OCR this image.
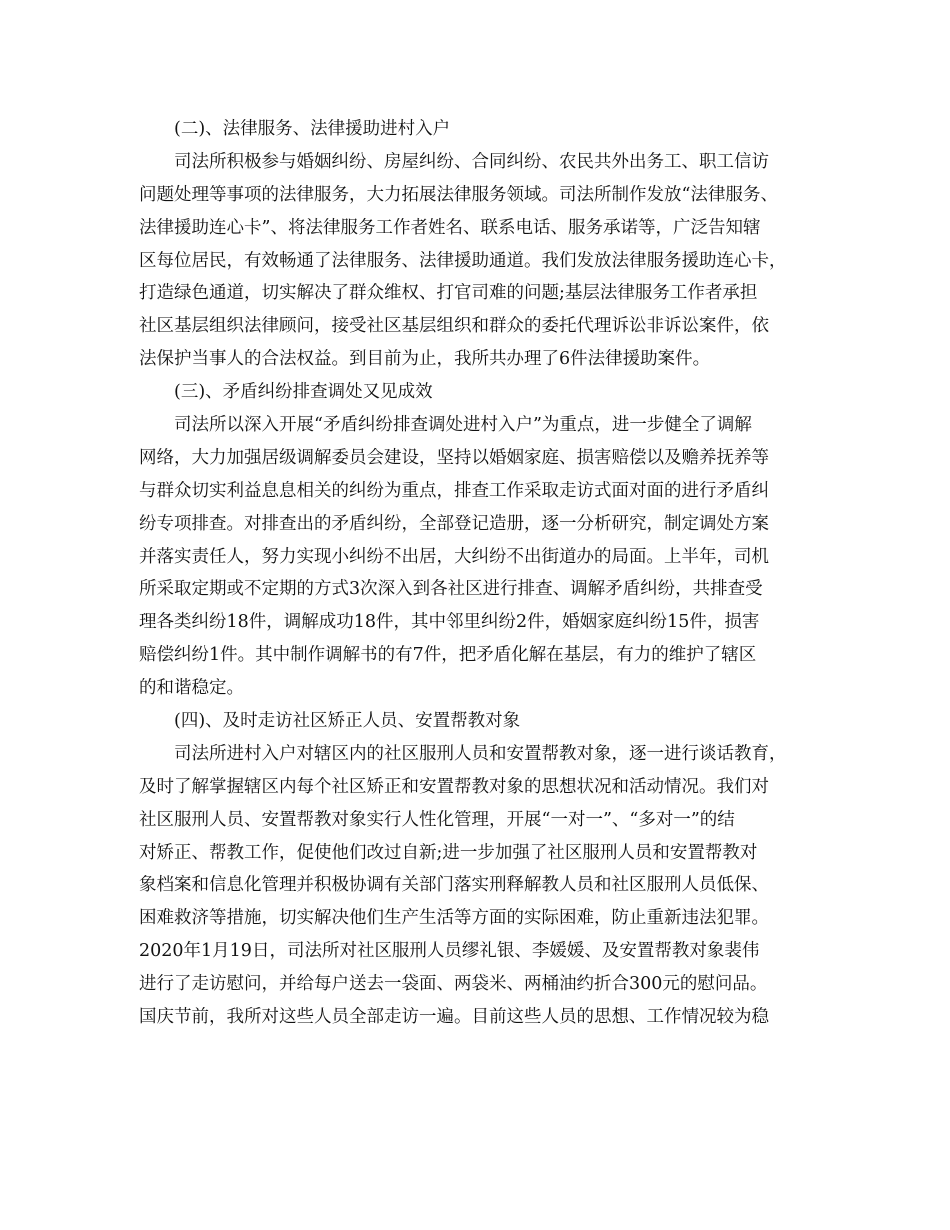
(二)、法律服务、法律援助进村入户
司法所积极参与婚姻纠纷、房屋纠纷、合同纠纷、农民共外出务工、职工信访
问题处理等事项的法律服务，大力拓展法律服务领域。司法所制作发放“法律服务、
法律援助连心卡”、将法律服务工作者姓名、联系电话、服务承诺等，广泛告知辖
区每位居民，有效畅通了法律服务、法律援助通道。我们发放法律服务援助连心卡，
打造绿色通道，切实解决了群众维权、打官司难的问题;基层法律服务工作者承担
社区基层组织法律顾问，接受社区基层组织和群众的委托代理诉讼非诉讼案件，依
法保护当事人的合法权益。到目前为止，我所共办理了6件法律援助案件。
(三)、矛盾纠纷排查调处又见成效
司法所以深入开展“矛盾纠纷排查调处进村入户”为重点，进一步健全了调解
网络，大力加强居级调解委员会建设，坚持以婚姻家庭、损害赔偿以及赡养抚养等
与群众切实利益息息相关的纠纷为重点，排查工作采取走访式面对面的进行矛盾纠
纷专项排查。对排查出的矛盾纠纷，全部登记造册，逐一分析研究，制定调处方案
并落实责任人，努力实现小纠纷不出居，大纠纷不出街道办的局面。上半年，司机
所采取定期或不定期的方式3次深入到各社区进行排查、调解矛盾纠纷，共排查受
理各类纠纷18件，调解成功18件，其中邻里纠纷2件，婚姻家庭纠纷15件，损害
赔偿纠纷1件。其中制作调解书的有7件，把矛盾化解在基层，有力的维护了辖区
的和谐稳定。
(四)、及时走访社区矫正人员、安置帮教对象
司法所进村入户对辖区内的社区服刑人员和安置帮教对象，逐一进行谈话教育，
及时了解掌握辖区内每个社区矫正和安置帮教对象的思想状况和活动情况。我们对
社区服刑人员、安置帮教对象实行人性化管理，开展“一对一”、“多对一”的结
对矫正、帮教工作，促使他们改过自新;进一步加强了社区服刑人员和安置帮教对
象档案和信息化管理并积极协调有关部门落实刑释解教人员和社区服刑人员低保、
困难救济等措施，切实解决他们生产生活等方面的实际困难，防止重新违法犯罪。
2020年1月19日，司法所对社区服刑人员缪礼银、李媛媛、及安置帮教对象裴伟
进行了走访慰问，并给每户送去一袋面、两袋米、两桶油约折合300元的慰问品。
国庆节前，我所对这些人员全部走访一遍。目前这些人员的思想、工作情况较为稳
